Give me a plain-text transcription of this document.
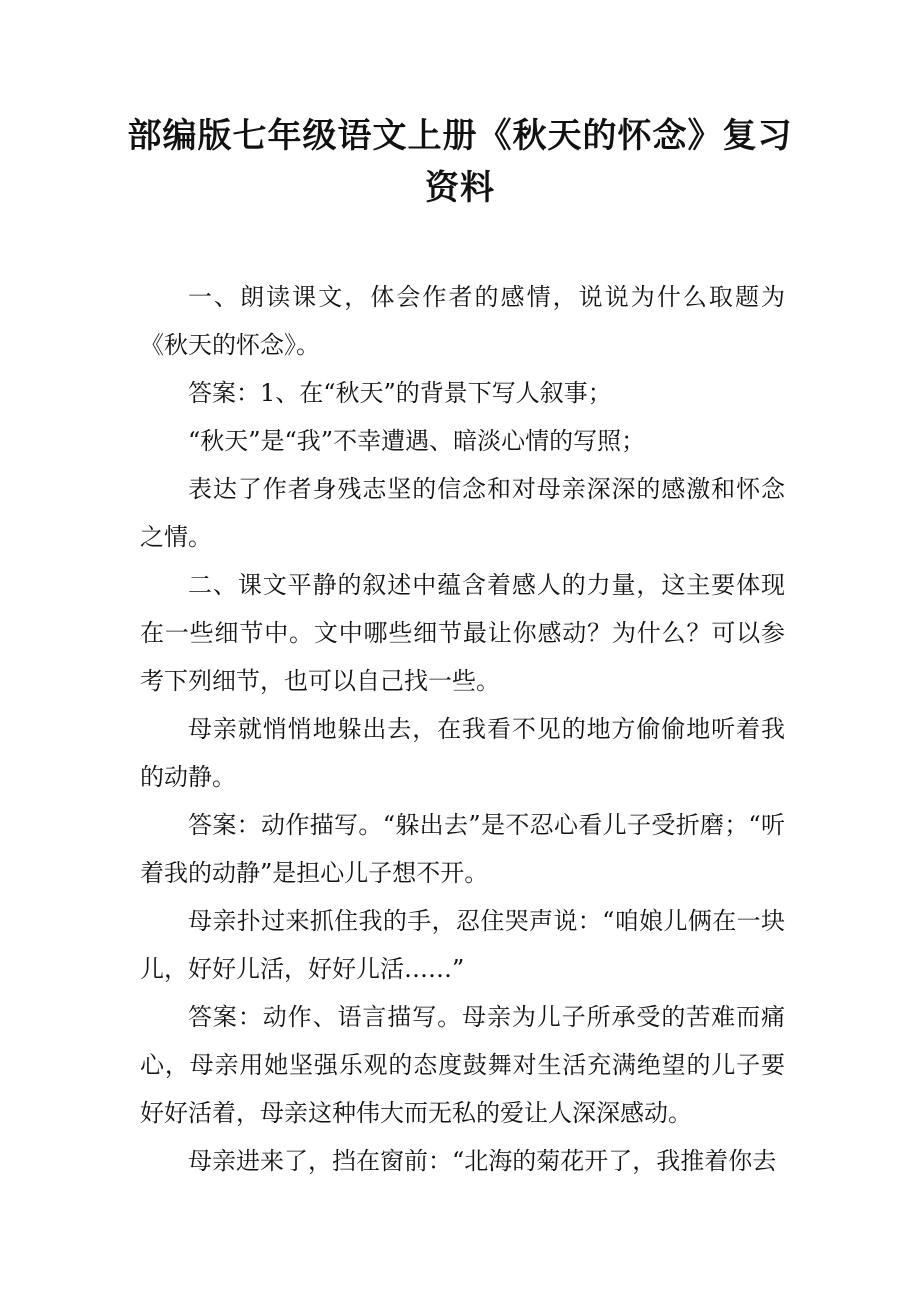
部编版七年级语文上册《秋天的怀念》复习
资料

一、朗读课文，体会作者的感情，说说为什么取题为《秋天的怀念》。

答案：1、在“秋天”的背景下写人叙事；

“秋天”是“我”不幸遭遇、暗淡心情的写照；

表达了作者身残志坚的信念和对母亲深深的感激和怀念之情。

二、课文平静的叙述中蕴含着感人的力量，这主要体现在一些细节中。文中哪些细节最让你感动？为什么？可以参考下列细节，也可以自己找一些。

母亲就悄悄地躲出去，在我看不见的地方偷偷地听着我的动静。

答案：动作描写。“躲出去”是不忍心看儿子受折磨；“听着我的动静”是担心儿子想不开。

母亲扑过来抓住我的手，忍住哭声说：“咱娘儿俩在一块儿，好好儿活，好好儿活……”

答案：动作、语言描写。母亲为儿子所承受的苦难而痛心，母亲用她坚强乐观的态度鼓舞对生活充满绝望的儿子要好好活着，母亲这种伟大而无私的爱让人深深感动。

母亲进来了，挡在窗前：“北海的菊花开了，我推着你去
